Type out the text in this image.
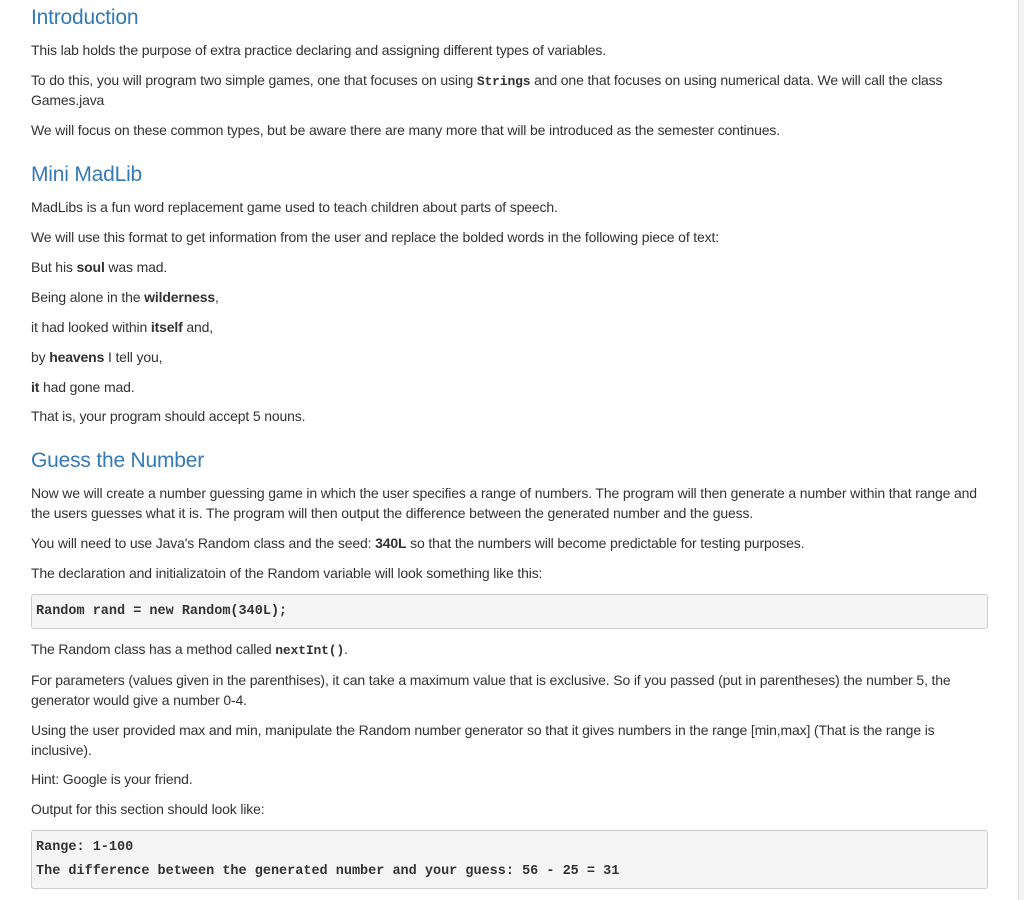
Introduction

This lab holds the purpose of extra practice declaring and assigning different types of variables.

To do this, you will program two simple games, one that focuses on using Strings and one that focuses on using numerical data. We will call the class Games.java

We will focus on these common types, but be aware there are many more that will be introduced as the semester continues.

Mini MadLib

MadLibs is a fun word replacement game used to teach children about parts of speech.

We will use this format to get information from the user and replace the bolded words in the following piece of text:

But his soul was mad.

Being alone in the wilderness,

it had looked within itself and,

by heavens I tell you,

it had gone mad.

That is, your program should accept 5 nouns.

Guess the Number

Now we will create a number guessing game in which the user specifies a range of numbers. The program will then generate a number within that range and the users guesses what it is. The program will then output the difference between the generated number and the guess.

You will need to use Java's Random class and the seed: 340L so that the numbers will become predictable for testing purposes.

The declaration and initializatoin of the Random variable will look something like this:

Random rand = new Random(340L);

The Random class has a method called nextInt().

For parameters (values given in the parenthises), it can take a maximum value that is exclusive. So if you passed (put in parentheses) the number 5, the generator would give a number 0-4.

Using the user provided max and min, manipulate the Random number generator so that it gives numbers in the range [min,max] (That is the range is inclusive).

Hint: Google is your friend.

Output for this section should look like:

Range: 1-100
The difference between the generated number and your guess: 56 - 25 = 31
